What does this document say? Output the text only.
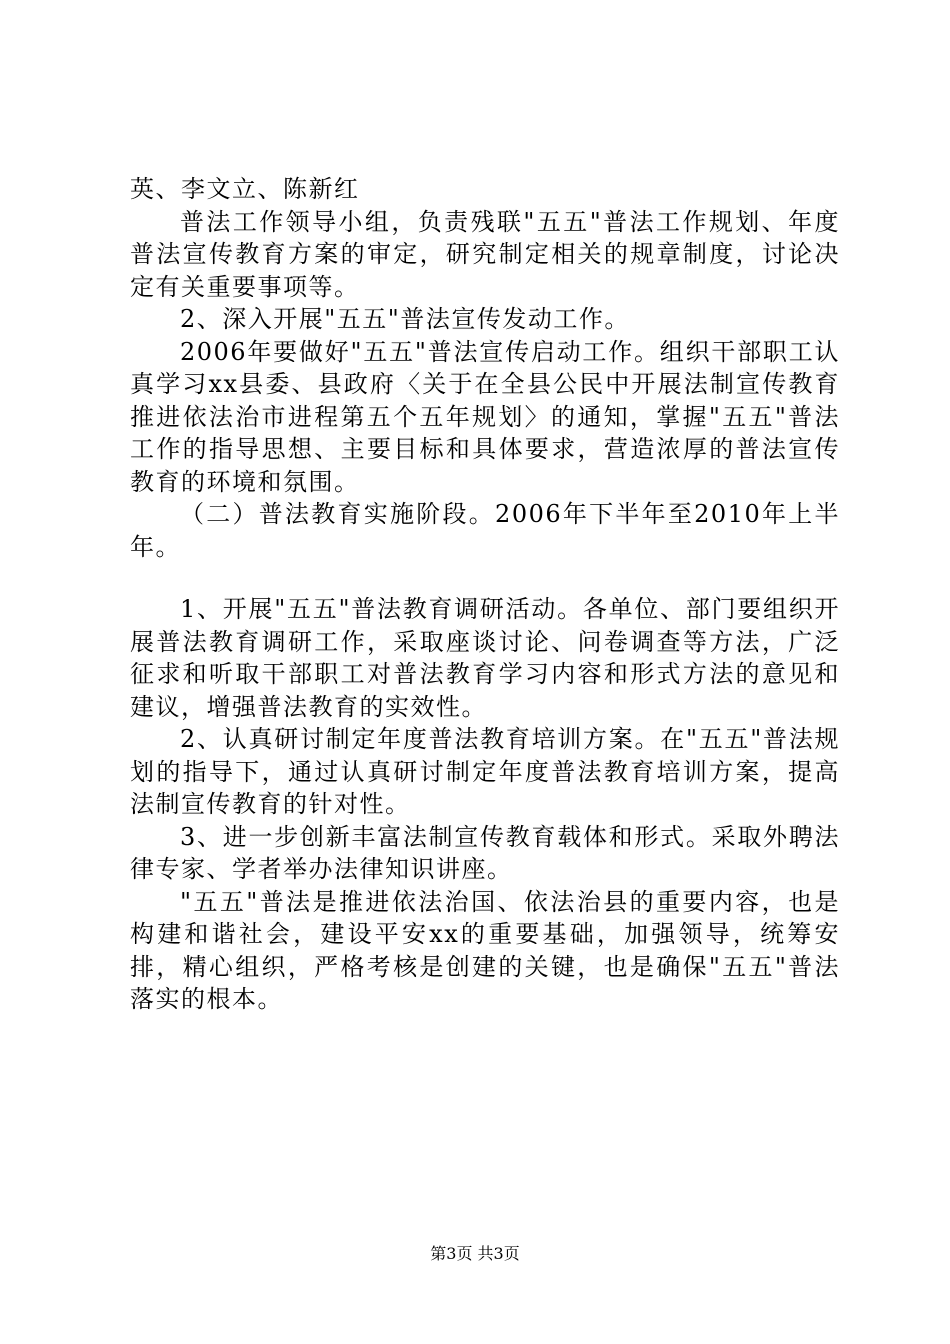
英、李文立、陈新红

普法工作领导小组，负责残联"五五"普法工作规划、年度普法宣传教育方案的审定，研究制定相关的规章制度，讨论决定有关重要事项等。

2、深入开展"五五"普法宣传发动工作。

2006年要做好"五五"普法宣传启动工作。组织干部职工认真学习xx县委、县政府〈关于在全县公民中开展法制宣传教育推进依法治市进程第五个五年规划〉的通知，掌握"五五"普法工作的指导思想、主要目标和具体要求，营造浓厚的普法宣传教育的环境和氛围。

（二）普法教育实施阶段。2006年下半年至2010年上半年。

1、开展"五五"普法教育调研活动。各单位、部门要组织开展普法教育调研工作，采取座谈讨论、问卷调查等方法，广泛征求和听取干部职工对普法教育学习内容和形式方法的意见和建议，增强普法教育的实效性。

2、认真研讨制定年度普法教育培训方案。在"五五"普法规划的指导下，通过认真研讨制定年度普法教育培训方案，提高法制宣传教育的针对性。

3、进一步创新丰富法制宣传教育载体和形式。采取外聘法律专家、学者举办法律知识讲座。

"五五"普法是推进依法治国、依法治县的重要内容，也是构建和谐社会，建设平安xx的重要基础，加强领导，统筹安排，精心组织，严格考核是创建的关键，也是确保"五五"普法落实的根本。

第3页 共3页
